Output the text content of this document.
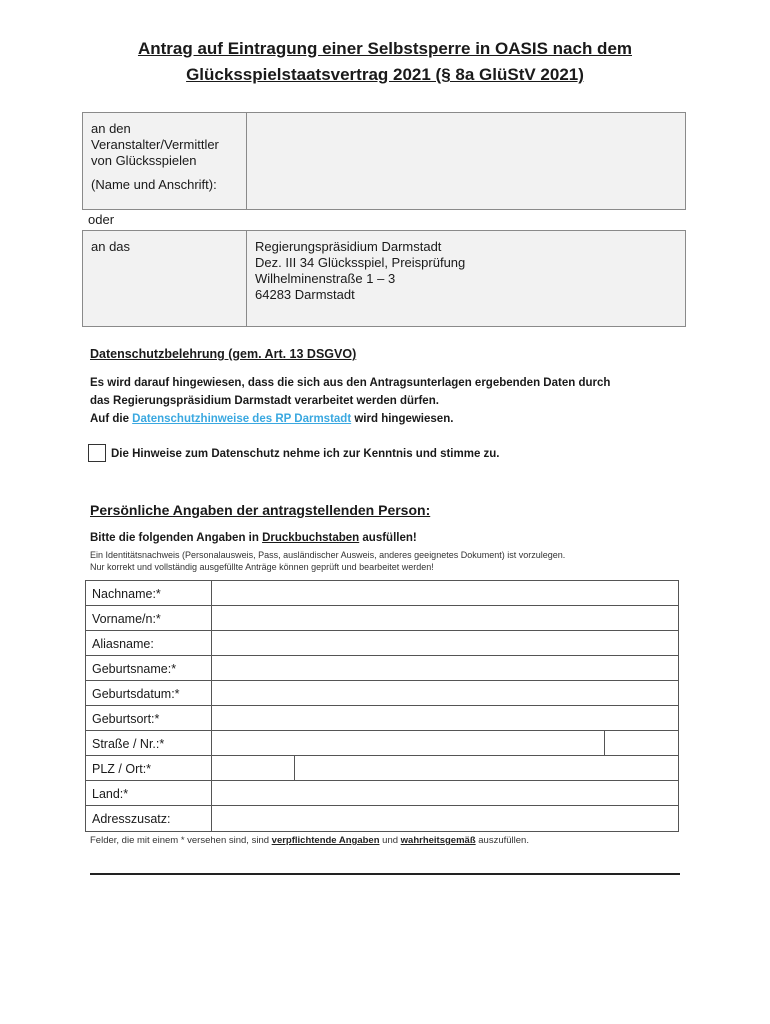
Antrag auf Eintragung einer Selbstsperre in OASIS nach dem
Glücksspielstaatsvertrag 2021 (§ 8a GlüStV 2021)
an den
Veranstalter/Vermittler
von Glücksspielen
(Name und Anschrift):
oder
an das	Regierungspräsidium Darmstadt
Dez. III 34 Glücksspiel, Preisprüfung
Wilhelminenstraße 1 – 3
64283 Darmstadt
Datenschutzbelehrung (gem. Art. 13 DSGVO)
Es wird darauf hingewiesen, dass die sich aus den Antragsunterlagen ergebenden Daten durch
das Regierungspräsidium Darmstadt verarbeitet werden dürfen.
Auf die Datenschutzhinweise des RP Darmstadt wird hingewiesen.
Die Hinweise zum Datenschutz nehme ich zur Kenntnis und stimme zu.
Persönliche Angaben der antragstellenden Person:
Bitte die folgenden Angaben in Druckbuchstaben ausfüllen!
Ein Identitätsnachweis (Personalausweis, Pass, ausländischer Ausweis, anderes geeignetes Dokument) ist vorzulegen.
Nur korrekt und vollständig ausgefüllte Anträge können geprüft und bearbeitet werden!
Nachname:*
Vorname/n:*
Aliasname:
Geburtsname:*
Geburtsdatum:*
Geburtsort:*
Straße / Nr.:*
PLZ / Ort:*
Land:*
Adresszusatz:
Felder, die mit einem * versehen sind, sind verpflichtende Angaben und wahrheitsgemäß auszufüllen.
